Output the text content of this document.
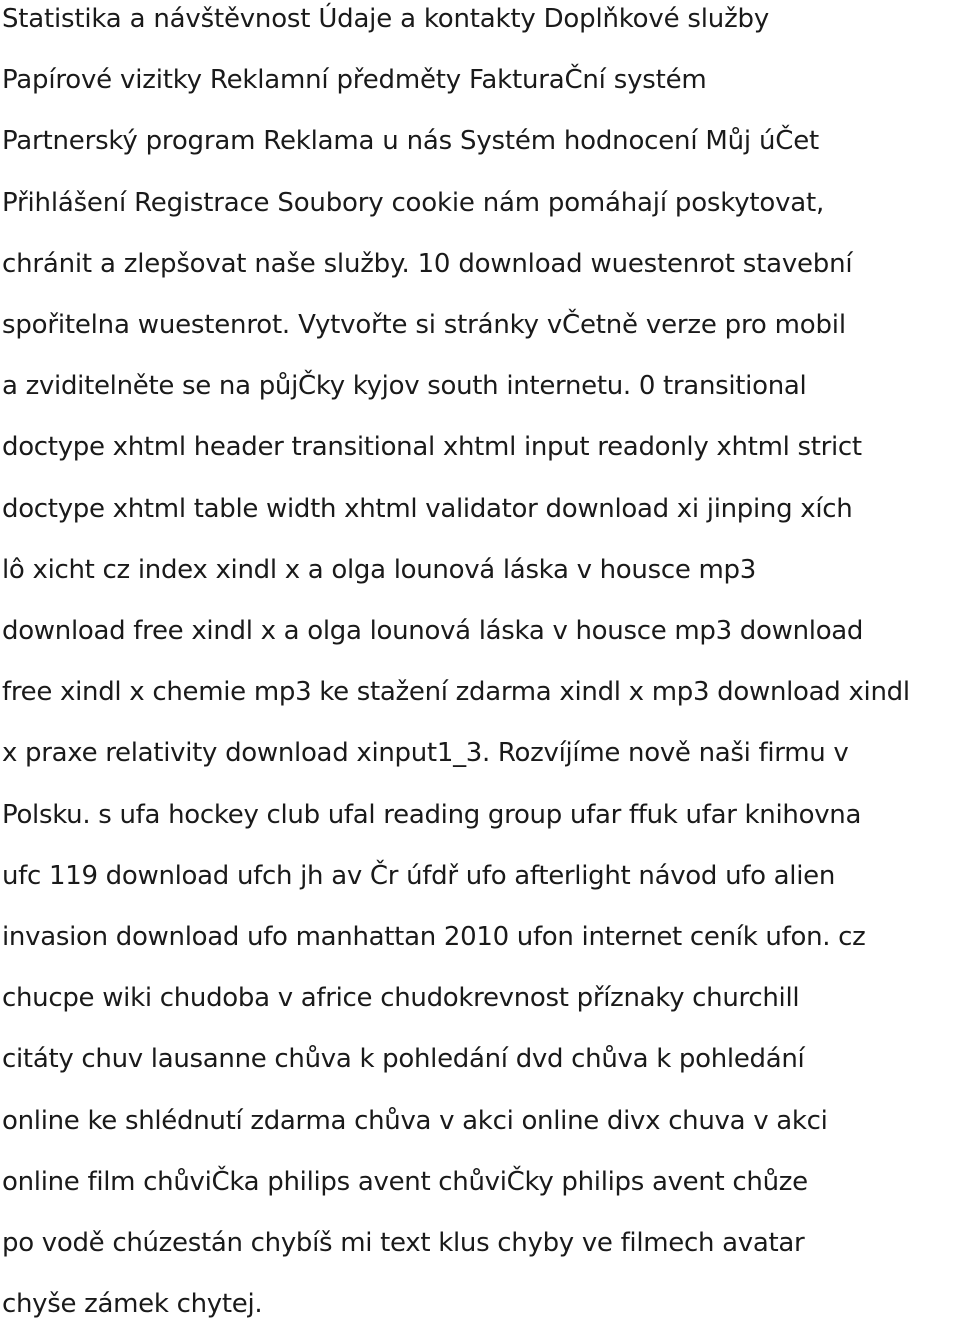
Statistika a návštěvnost Údaje a kontakty Doplňkové služby
Papírové vizitky Reklamní předměty FakturaČní systém
Partnerský program Reklama u nás Systém hodnocení Můj úČet
Přihlášení Registrace Soubory cookie nám pomáhají poskytovat,
chránit a zlepšovat naše služby. 10 download wuestenrot stavební
spořitelna wuestenrot. Vytvořte si stránky vČetně verze pro mobil
a zviditelněte se na půjČky kyjov south internetu. 0 transitional
doctype xhtml header transitional xhtml input readonly xhtml strict
doctype xhtml table width xhtml validator download xi jinping xích
lô xicht cz index xindl x a olga lounová láska v housce mp3
download free xindl x a olga lounová láska v housce mp3 download
free xindl x chemie mp3 ke stažení zdarma xindl x mp3 download xindl
x praxe relativity download xinput1_3. Rozvíjíme nově naši firmu v
Polsku. s ufa hockey club ufal reading group ufar ffuk ufar knihovna
ufc 119 download ufch jh av Čr úfdř ufo afterlight návod ufo alien
invasion download ufo manhattan 2010 ufon internet ceník ufon. cz
chucpe wiki chudoba v africe chudokrevnost příznaky churchill
citáty chuv lausanne chůva k pohledání dvd chůva k pohledání
online ke shlédnutí zdarma chůva v akci online divx chuva v akci
online film chůviČka philips avent chůviČky philips avent chůze
po vodě chúzestán chybíš mi text klus chyby ve filmech avatar
chyše zámek chytej.
